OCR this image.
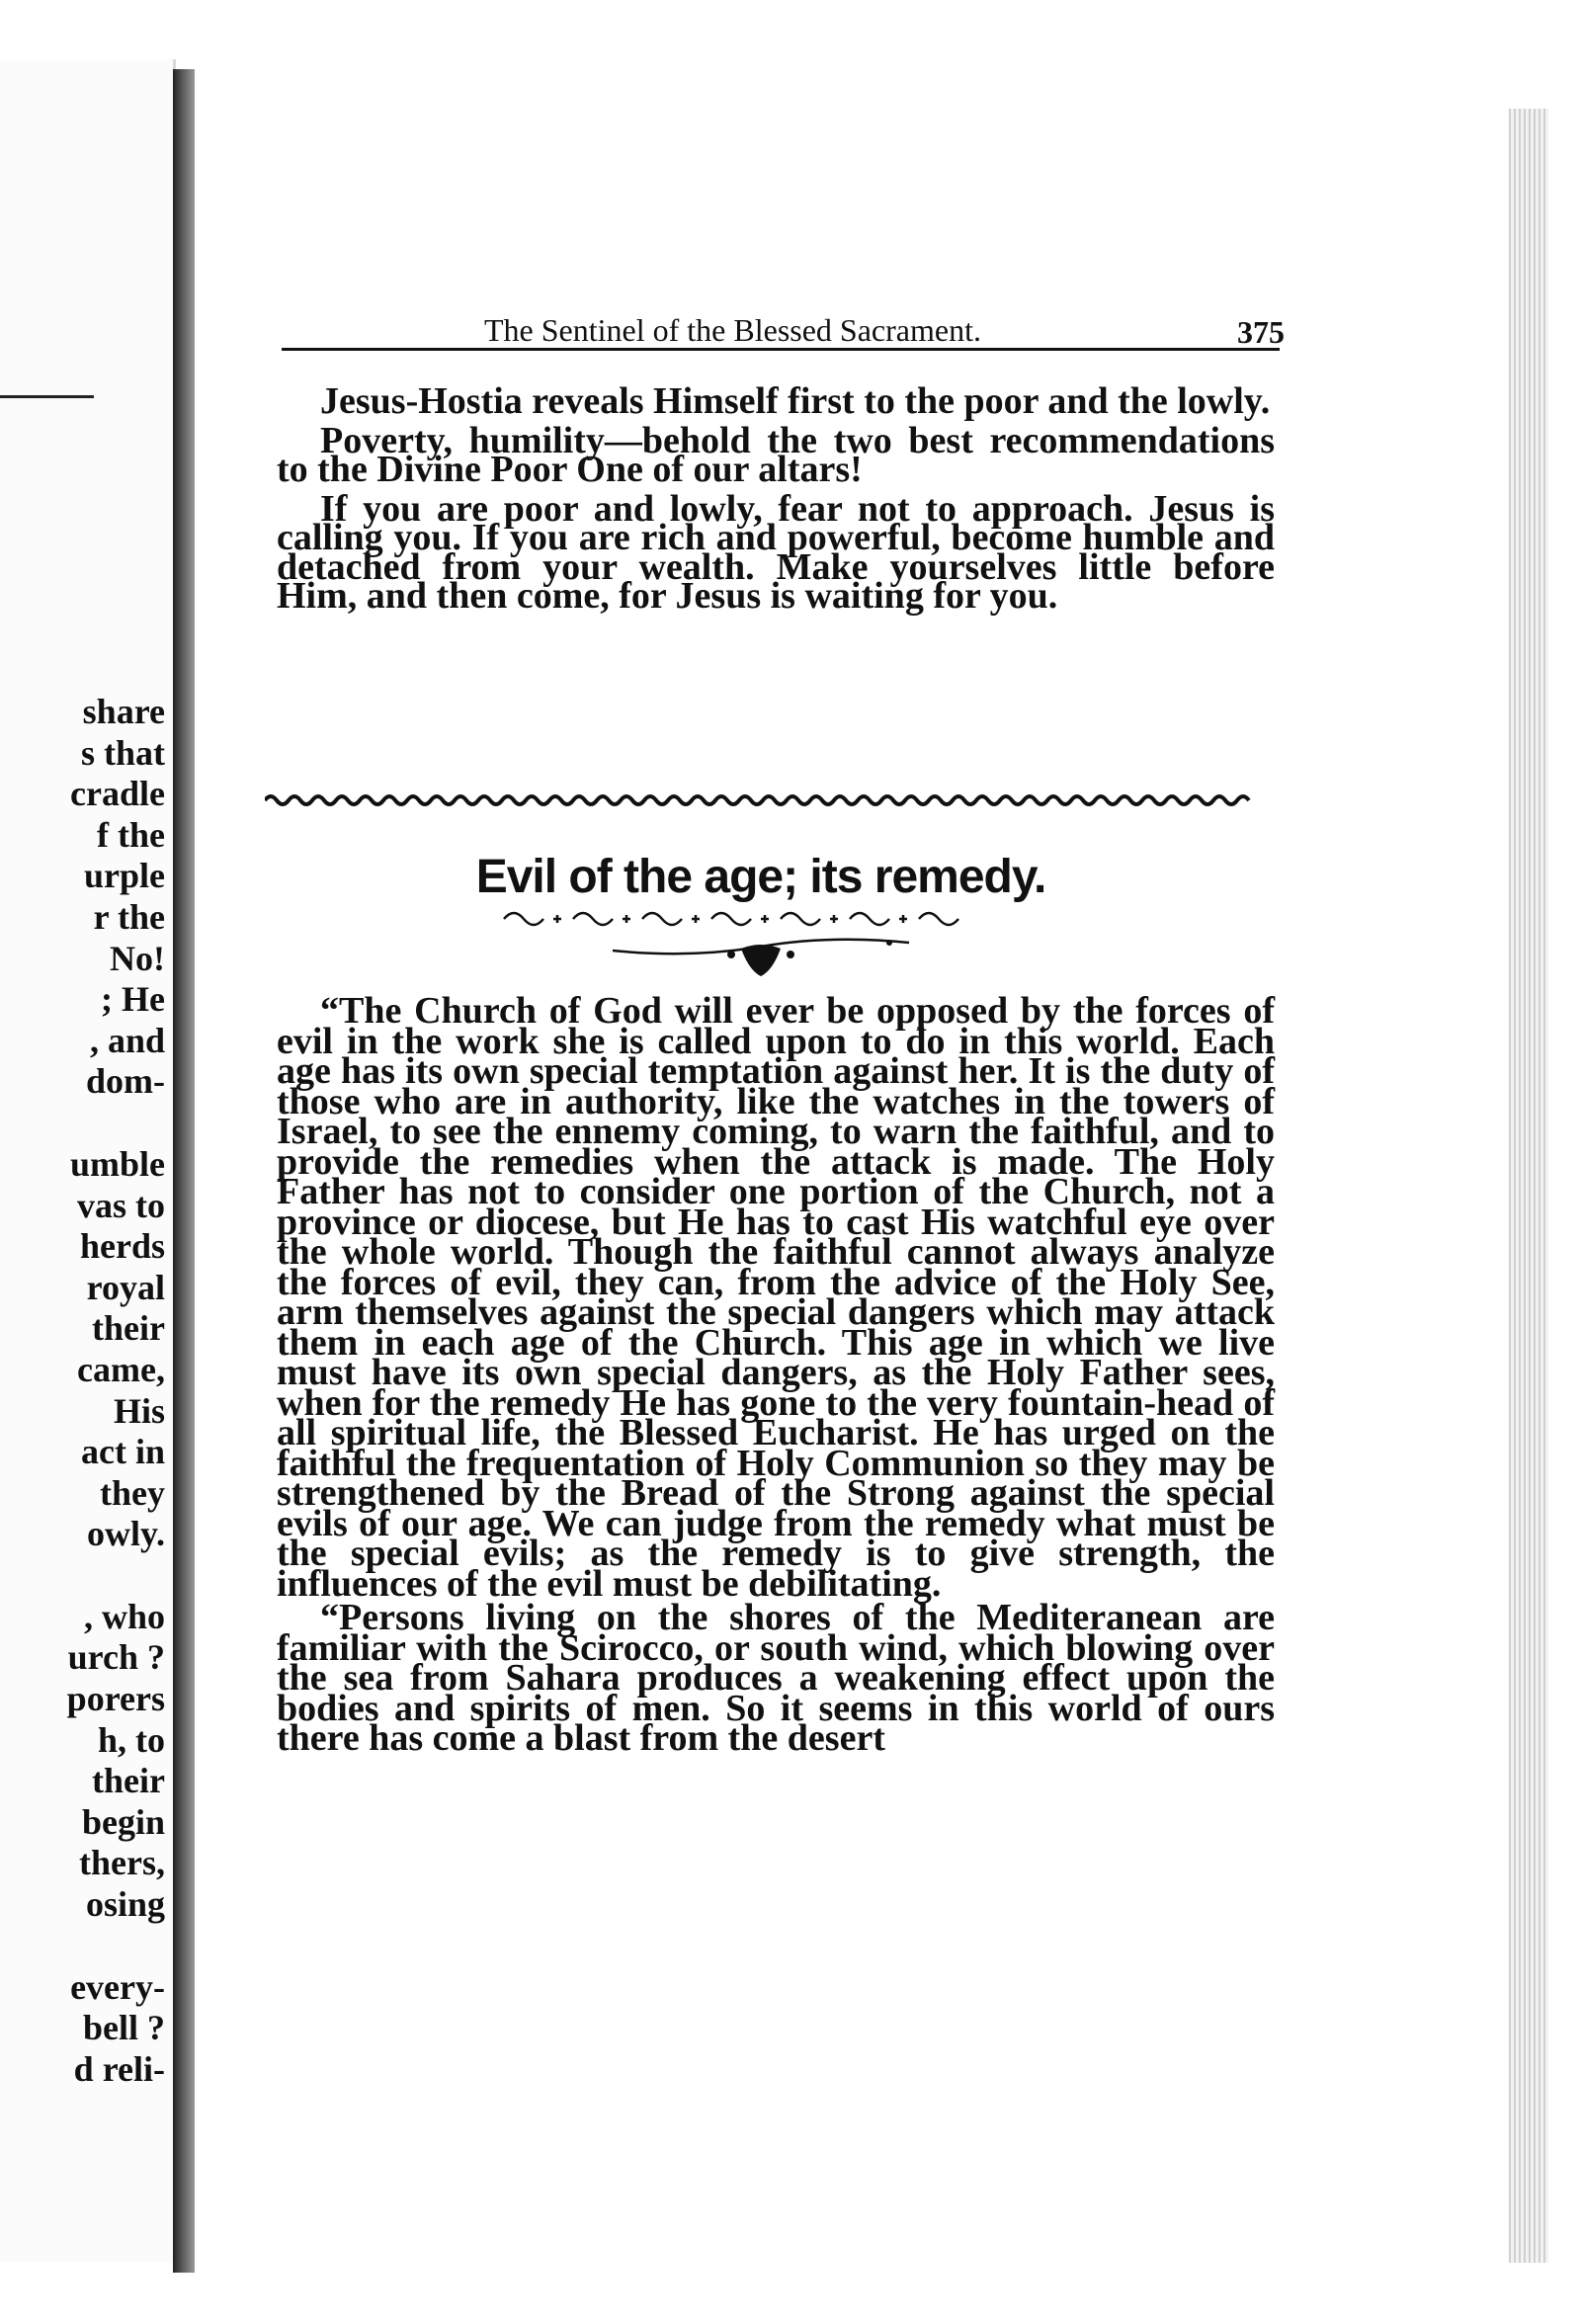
share
s that
cradle
f the
urple
r the
No!
; He
, and
dom-
umble
vas to
herds
royal
their
came,
His
act in
they
owly.
, who
urch ?
porers
h, to
their
begin
thers,
osing
every-
bell ?
d reli-
The Sentinel of the Blessed Sacrament.	375

Jesus-Hostia reveals Himself first to the poor and the lowly.

Poverty, humility—behold the two best recommendations to the Divine Poor One of our altars!

If you are poor and lowly, fear not to approach. Jesus is calling you. If you are rich and powerful, become humble and detached from your wealth. Make yourselves little before Him, and then come, for Jesus is waiting for you.

Evil of the age; its remedy.

“The Church of God will ever be opposed by the forces of evil in the work she is called upon to do in this world. Each age has its own special temptation against her. It is the duty of those who are in authority, like the watches in the towers of Israel, to see the ennemy coming, to warn the faithful, and to provide the remedies when the attack is made. The Holy Father has not to consider one portion of the Church, not a province or diocese, but He has to cast His watchful eye over the whole world. Though the faithful cannot always analyze the forces of evil, they can, from the advice of the Holy See, arm themselves against the special dangers which may attack them in each age of the Church. This age in which we live must have its own special dangers, as the Holy Father sees, when for the remedy He has gone to the very fountain-head of all spiritual life, the Blessed Eucharist. He has urged on the faithful the frequentation of Holy Communion so they may be strengthened by the Bread of the Strong against the special evils of our age. We can judge from the remedy what must be the special evils; as the remedy is to give strength, the influences of the evil must be debilitating.

“Persons living on the shores of the Mediteranean are familiar with the Scirocco, or south wind, which blowing over the sea from Sahara produces a weakening effect upon the bodies and spirits of men. So it seems in this world of ours there has come a blast from the desert
